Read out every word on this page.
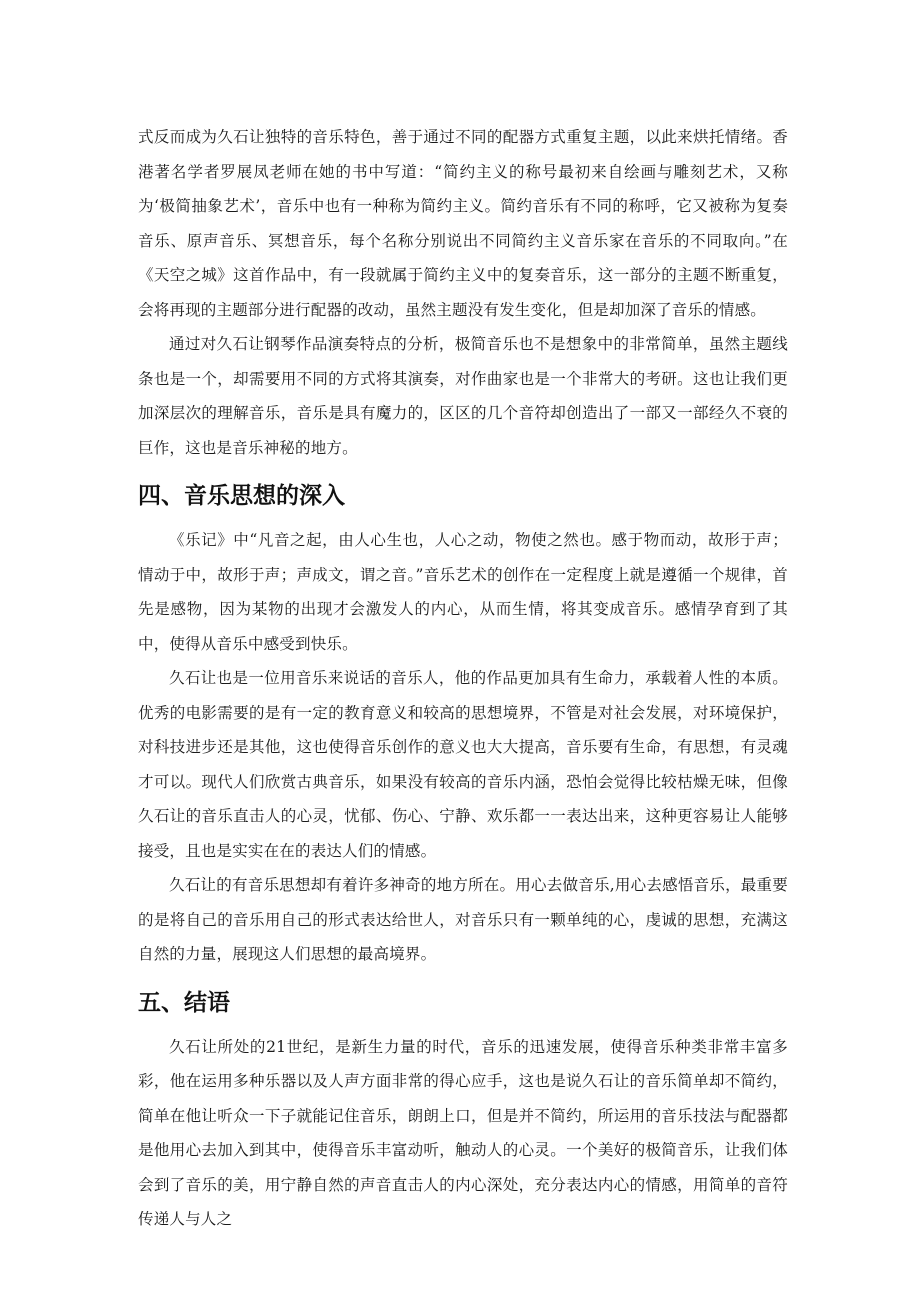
式反而成为久石让独特的音乐特色，善于通过不同的配器方式重复主题，以此来烘托情绪。香港著名学者罗展凤老师在她的书中写道：“简约主义的称号最初来自绘画与雕刻艺术，又称为‘极简抽象艺术’，音乐中也有一种称为简约主义。简约音乐有不同的称呼，它又被称为复奏音乐、原声音乐、冥想音乐，每个名称分别说出不同简约主义音乐家在音乐的不同取向。”在《天空之城》这首作品中，有一段就属于简约主义中的复奏音乐，这一部分的主题不断重复，会将再现的主题部分进行配器的改动，虽然主题没有发生变化，但是却加深了音乐的情感。

通过对久石让钢琴作品演奏特点的分析，极简音乐也不是想象中的非常简单，虽然主题线条也是一个，却需要用不同的方式将其演奏，对作曲家也是一个非常大的考研。这也让我们更加深层次的理解音乐，音乐是具有魔力的，区区的几个音符却创造出了一部又一部经久不衰的巨作，这也是音乐神秘的地方。

四、音乐思想的深入

《乐记》中“凡音之起，由人心生也，人心之动，物使之然也。感于物而动，故形于声；情动于中，故形于声；声成文，谓之音。”音乐艺术的创作在一定程度上就是遵循一个规律，首先是感物，因为某物的出现才会激发人的内心，从而生情，将其变成音乐。感情孕育到了其中，使得从音乐中感受到快乐。

久石让也是一位用音乐来说话的音乐人，他的作品更加具有生命力，承载着人性的本质。优秀的电影需要的是有一定的教育意义和较高的思想境界，不管是对社会发展，对环境保护，对科技进步还是其他，这也使得音乐创作的意义也大大提高，音乐要有生命，有思想，有灵魂才可以。现代人们欣赏古典音乐，如果没有较高的音乐内涵，恐怕会觉得比较枯燥无味，但像久石让的音乐直击人的心灵，忧郁、伤心、宁静、欢乐都一一表达出来，这种更容易让人能够接受，且也是实实在在的表达人们的情感。

久石让的有音乐思想却有着许多神奇的地方所在。用心去做音乐,用心去感悟音乐，最重要的是将自己的音乐用自己的形式表达给世人，对音乐只有一颗单纯的心，虔诚的思想，充满这自然的力量，展现这人们思想的最高境界。

五、结语

久石让所处的21世纪，是新生力量的时代，音乐的迅速发展，使得音乐种类非常丰富多彩，他在运用多种乐器以及人声方面非常的得心应手，这也是说久石让的音乐简单却不简约，简单在他让听众一下子就能记住音乐，朗朗上口，但是并不简约，所运用的音乐技法与配器都是他用心去加入到其中，使得音乐丰富动听，触动人的心灵。一个美好的极简音乐，让我们体会到了音乐的美，用宁静自然的声音直击人的内心深处，充分表达内心的情感，用简单的音符传递人与人之
